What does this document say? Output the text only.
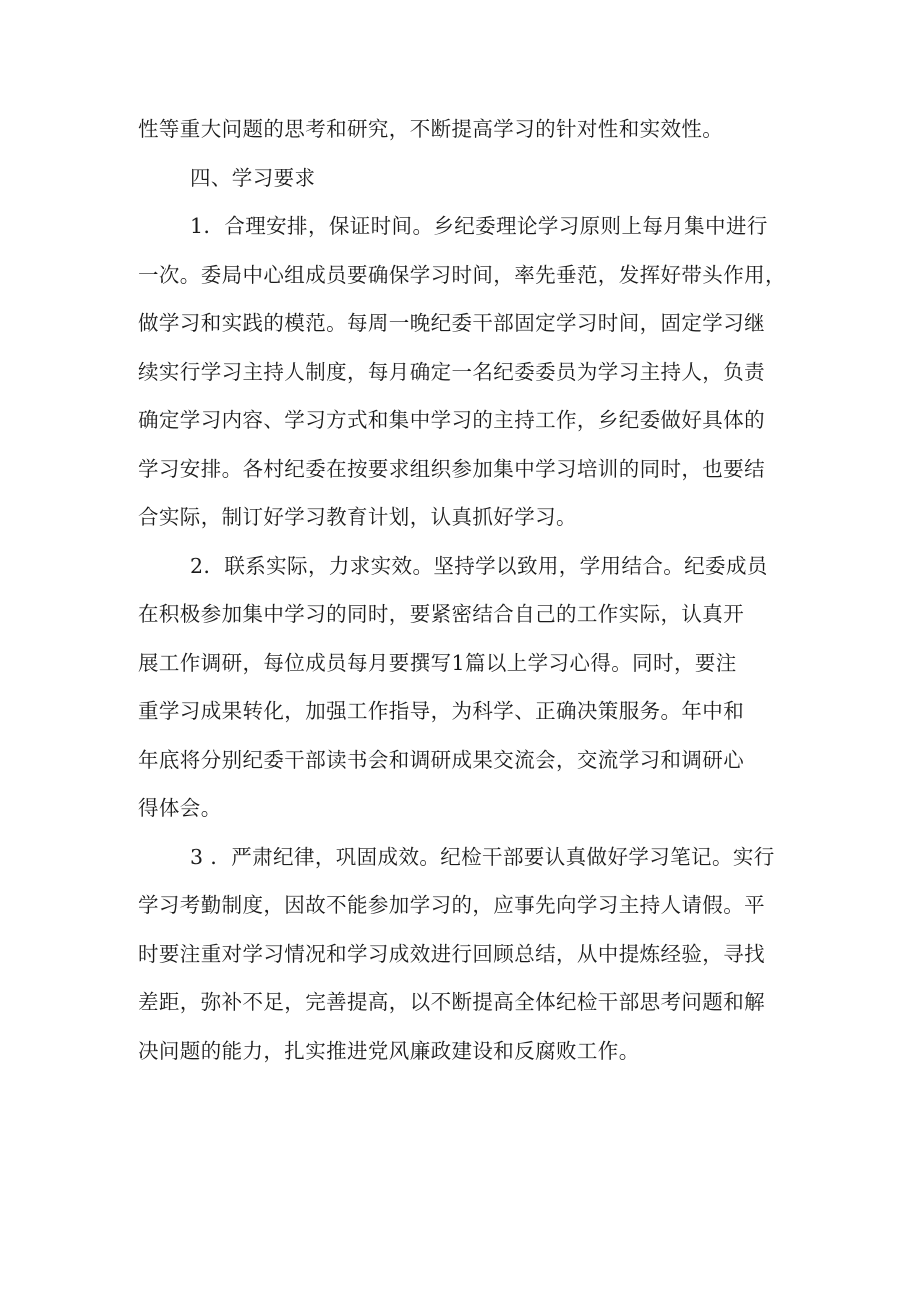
性等重大问题的思考和研究，不断提高学习的针对性和实效性。
四、学习要求
1．合理安排，保证时间。乡纪委理论学习原则上每月集中进行
一次。委局中心组成员要确保学习时间，率先垂范，发挥好带头作用，
做学习和实践的模范。每周一晚纪委干部固定学习时间，固定学习继
续实行学习主持人制度，每月确定一名纪委委员为学习主持人，负责
确定学习内容、学习方式和集中学习的主持工作，乡纪委做好具体的
学习安排。各村纪委在按要求组织参加集中学习培训的同时，也要结
合实际，制订好学习教育计划，认真抓好学习。
2．联系实际，力求实效。坚持学以致用，学用结合。纪委成员
在积极参加集中学习的同时，要紧密结合自己的工作实际，认真开
展工作调研，每位成员每月要撰写1篇以上学习心得。同时，要注
重学习成果转化，加强工作指导，为科学、正确决策服务。年中和
年底将分别纪委干部读书会和调研成果交流会，交流学习和调研心
得体会。
3 ．严肃纪律，巩固成效。纪检干部要认真做好学习笔记。实行
学习考勤制度，因故不能参加学习的，应事先向学习主持人请假。平
时要注重对学习情况和学习成效进行回顾总结，从中提炼经验，寻找
差距，弥补不足，完善提高，以不断提高全体纪检干部思考问题和解
决问题的能力，扎实推进党风廉政建设和反腐败工作。
